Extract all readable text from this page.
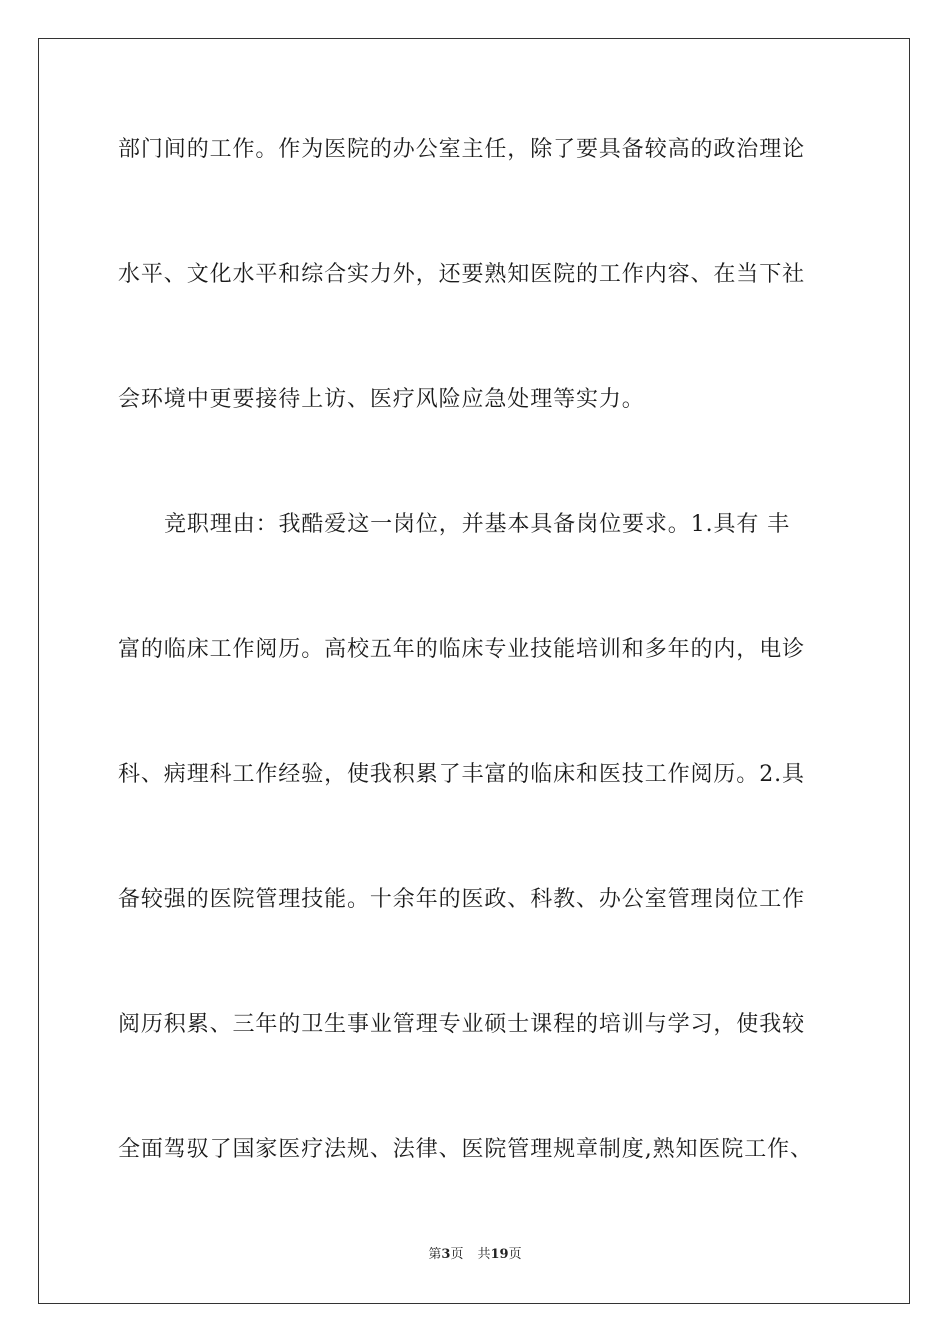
部门间的工作。作为医院的办公室主任，除了要具备较高的政治理论
水平、文化水平和综合实力外，还要熟知医院的工作内容、在当下社
会环境中更要接待上访、医疗风险应急处理等实力。
竞职理由：我酷爱这一岗位，并基本具备岗位要求。1.具有 丰
富的临床工作阅历。高校五年的临床专业技能培训和多年的内，电诊
科、病理科工作经验，使我积累了丰富的临床和医技工作阅历。2.具
备较强的医院管理技能。十余年的医政、科教、办公室管理岗位工作
阅历积累、三年的卫生事业管理专业硕士课程的培训与学习，使我较
全面驾驭了国家医疗法规、法律、医院管理规章制度,熟知医院工作、
第3页 共19页
